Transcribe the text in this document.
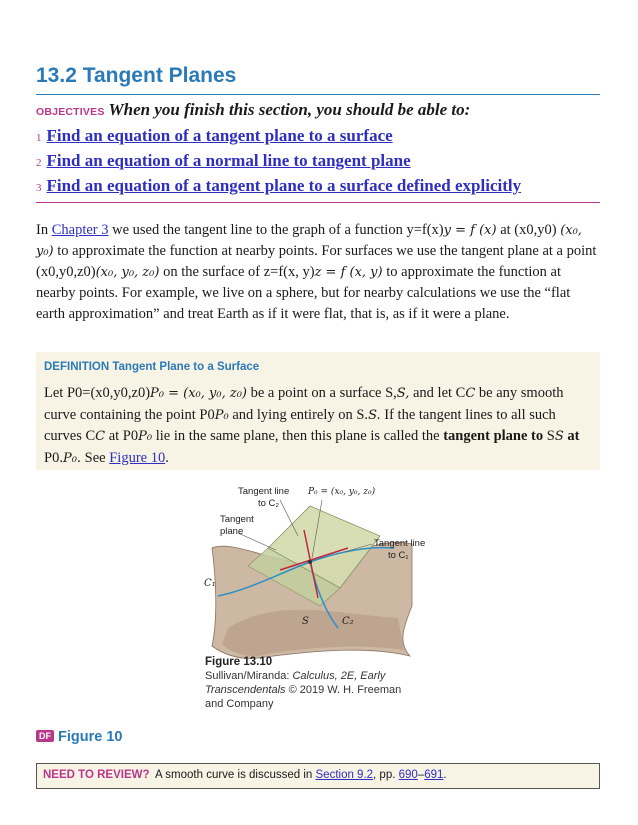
13.2 Tangent Planes
OBJECTIVES When you finish this section, you should be able to:
1 Find an equation of a tangent plane to a surface
2 Find an equation of a normal line to tangent plane
3 Find an equation of a tangent plane to a surface defined explicitly

In Chapter 3 we used the tangent line to the graph of a function y=f(x)y = f (x) at (x0,y0) (x₀, y₀) to approximate the function at nearby points. For surfaces we use the tangent plane at a point (x0,y0,z0)(x₀, y₀, z₀) on the surface of z=f(x, y)z = f (x, y) to approximate the function at nearby points. For example, we live on a sphere, but for nearby calculations we use the “flat earth approximation” and treat Earth as if it were flat, that is, as if it were a plane.

DEFINITION Tangent Plane to a Surface

Let P0=(x0,y0,z0)P₀ = (x₀, y₀, z₀) be a point on a surface S,S, and let CC be any smooth curve containing the point P0P₀ and lying entirely on S.S. If the tangent lines to all such curves CC at P0P₀ lie in the same plane, then this plane is called the tangent plane to SS at P0.P₀. See Figure 10.

Tangent line
to C₂
P₀ = (x₀, y₀, z₀)
Tangent
plane
Tangent line
to C₁
C₁
S	C₂
Figure 13.10
Sullivan/Miranda: Calculus, 2E, Early Transcendentals © 2019 W. H. Freeman and Company
DF Figure 10
NEED TO REVIEW? A smooth curve is discussed in Section 9.2, pp. 690–691.
